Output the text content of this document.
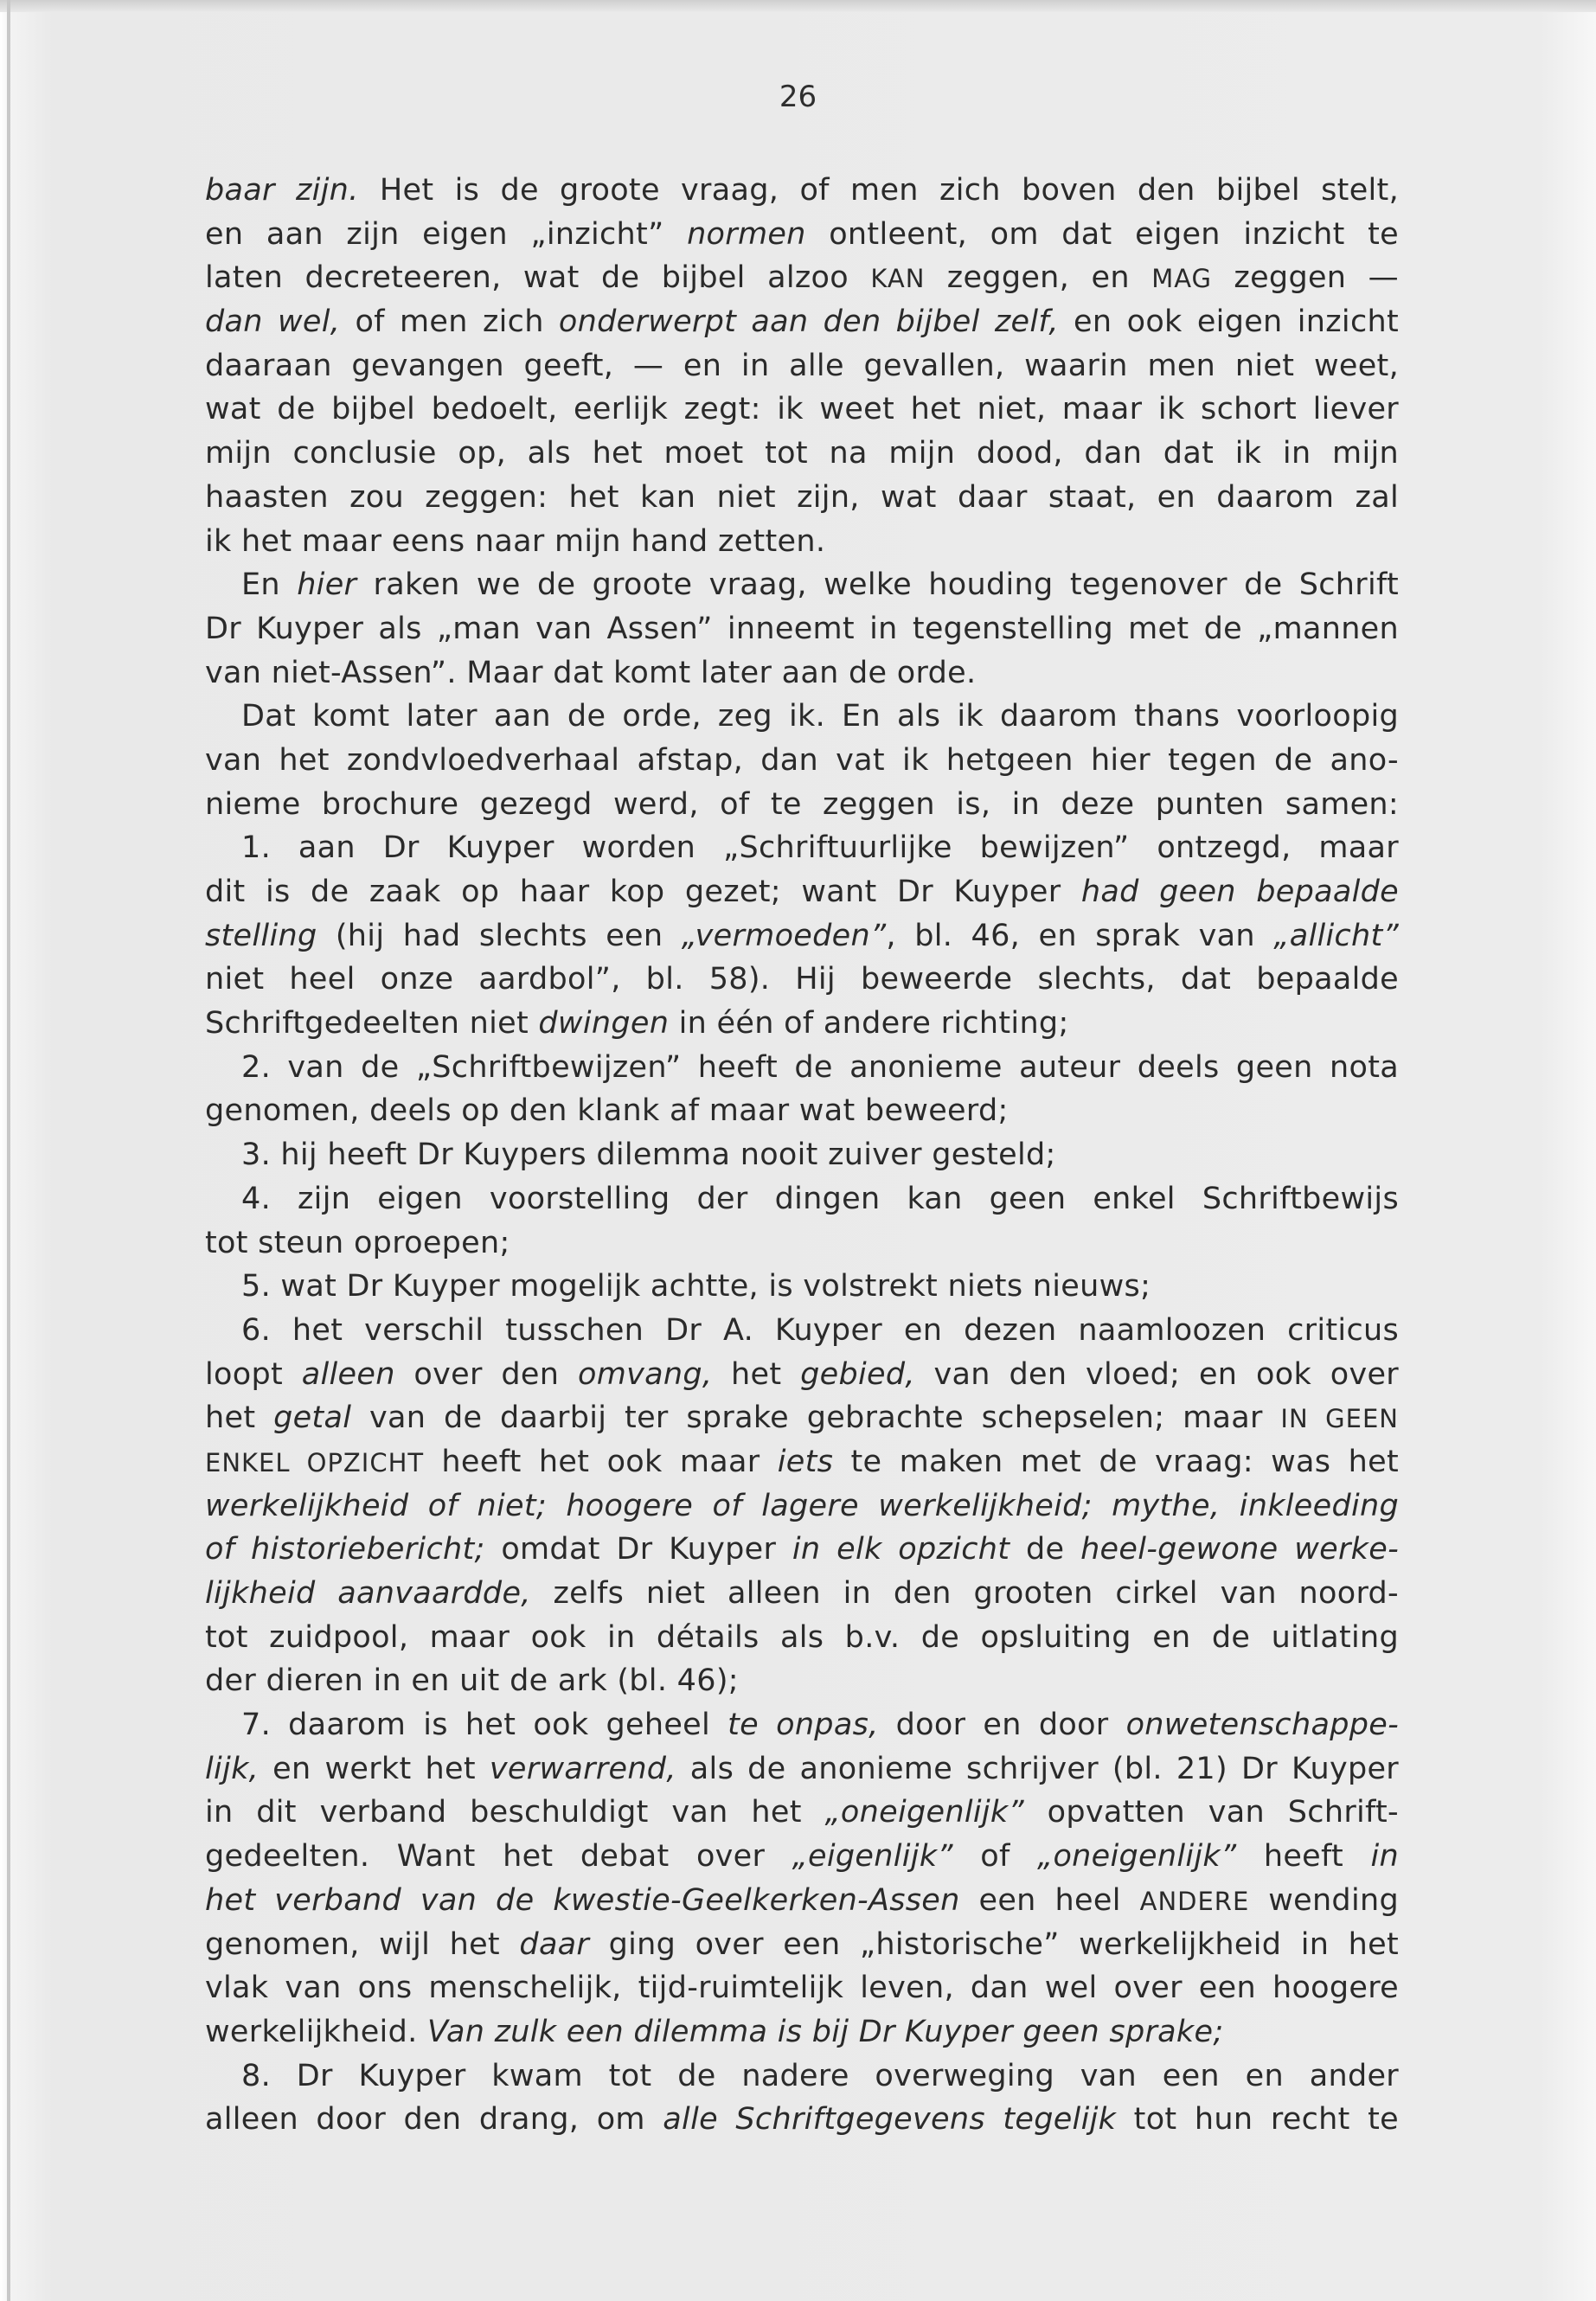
26
baar zijn. Het is de groote vraag, of men zich boven den bijbel stelt,
en aan zijn eigen „inzicht” normen ontleent, om dat eigen inzicht te
laten decreteeren, wat de bijbel alzoo KAN zeggen, en MAG zeggen —
dan wel, of men zich onderwerpt aan den bijbel zelf, en ook eigen inzicht
daaraan gevangen geeft, — en in alle gevallen, waarin men niet weet,
wat de bijbel bedoelt, eerlijk zegt: ik weet het niet, maar ik schort liever
mijn conclusie op, als het moet tot na mijn dood, dan dat ik in mijn
haasten zou zeggen: het kan niet zijn, wat daar staat, en daarom zal
ik het maar eens naar mijn hand zetten.
En hier raken we de groote vraag, welke houding tegenover de Schrift
Dr Kuyper als „man van Assen” inneemt in tegenstelling met de „mannen
van niet-Assen”. Maar dat komt later aan de orde.
Dat komt later aan de orde, zeg ik. En als ik daarom thans voorloopig
van het zondvloedverhaal afstap, dan vat ik hetgeen hier tegen de ano-
nieme brochure gezegd werd, of te zeggen is, in deze punten samen:
1. aan Dr Kuyper worden „Schriftuurlijke bewijzen” ontzegd, maar
dit is de zaak op haar kop gezet; want Dr Kuyper had geen bepaalde
stelling (hij had slechts een „vermoeden”, bl. 46, en sprak van „allicht”
niet heel onze aardbol”, bl. 58). Hij beweerde slechts, dat bepaalde
Schriftgedeelten niet dwingen in één of andere richting;
2. van de „Schriftbewijzen” heeft de anonieme auteur deels geen nota
genomen, deels op den klank af maar wat beweerd;
3. hij heeft Dr Kuypers dilemma nooit zuiver gesteld;
4. zijn eigen voorstelling der dingen kan geen enkel Schriftbewijs
tot steun oproepen;
5. wat Dr Kuyper mogelijk achtte, is volstrekt niets nieuws;
6. het verschil tusschen Dr A. Kuyper en dezen naamloozen criticus
loopt alleen over den omvang, het gebied, van den vloed; en ook over
het getal van de daarbij ter sprake gebrachte schepselen; maar IN GEEN
ENKEL OPZICHT heeft het ook maar iets te maken met de vraag: was het
werkelijkheid of niet; hoogere of lagere werkelijkheid; mythe, inkleeding
of historiebericht; omdat Dr Kuyper in elk opzicht de heel-gewone werke-
lijkheid aanvaardde, zelfs niet alleen in den grooten cirkel van noord-
tot zuidpool, maar ook in détails als b.v. de opsluiting en de uitlating
der dieren in en uit de ark (bl. 46);
7. daarom is het ook geheel te onpas, door en door onwetenschappe-
lijk, en werkt het verwarrend, als de anonieme schrijver (bl. 21) Dr Kuyper
in dit verband beschuldigt van het „oneigenlijk” opvatten van Schrift-
gedeelten. Want het debat over „eigenlijk” of „oneigenlijk” heeft in
het verband van de kwestie-Geelkerken-Assen een heel ANDERE wending
genomen, wijl het daar ging over een „historische” werkelijkheid in het
vlak van ons menschelijk, tijd-ruimtelijk leven, dan wel over een hoogere
werkelijkheid. Van zulk een dilemma is bij Dr Kuyper geen sprake;
8. Dr Kuyper kwam tot de nadere overweging van een en ander
alleen door den drang, om alle Schriftgegevens tegelijk tot hun recht te
